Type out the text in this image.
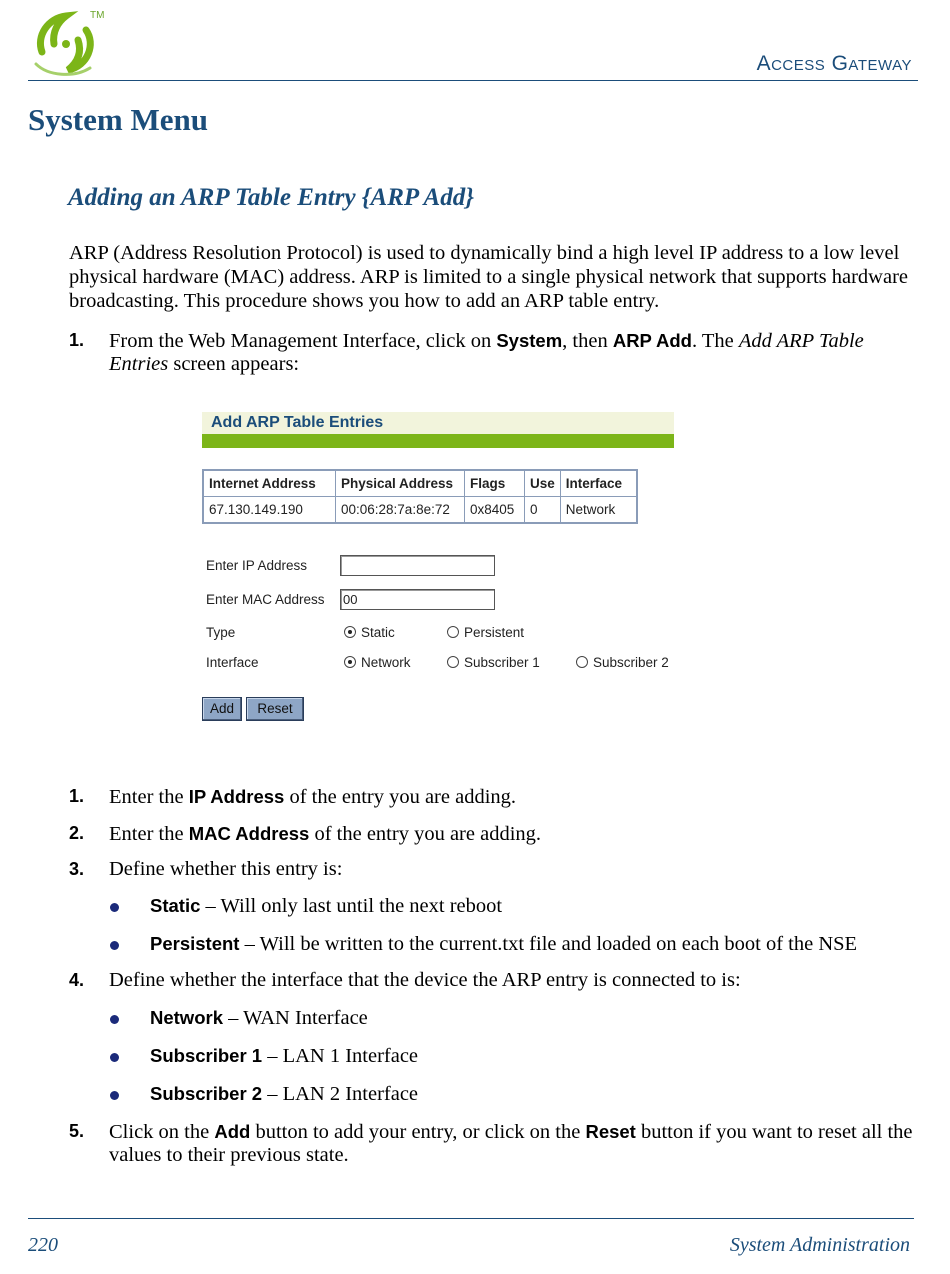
TM
Access Gateway
System Menu
Adding an ARP Table Entry {ARP Add}

ARP (Address Resolution Protocol) is used to dynamically bind a high level IP address to a low level physical hardware (MAC) address. ARP is limited to a single physical network that supports hardware broadcasting. This procedure shows you how to add an ARP table entry.

1. From the Web Management Interface, click on System, then ARP Add. The Add ARP Table Entries screen appears:
Add ARP Table Entries
Internet Address	Physical Address	Flags	Use	Interface
67.130.149.190	00:06:28:7a:8e:72	0x8405	0	Network
Enter IP Address
Enter MAC Address 00
Type	Static	Persistent
Interface	Network	Subscriber 1	Subscriber 2
Add	Reset
1. Enter the IP Address of the entry you are adding.
2. Enter the MAC Address of the entry you are adding.
3. Define whether this entry is:
Static – Will only last until the next reboot
Persistent – Will be written to the current.txt file and loaded on each boot of the NSE
4. Define whether the interface that the device the ARP entry is connected to is:
Network – WAN Interface
Subscriber 1 – LAN 1 Interface
Subscriber 2 – LAN 2 Interface
5. Click on the Add button to add your entry, or click on the Reset button if you want to reset all the values to their previous state.
220	System Administration
